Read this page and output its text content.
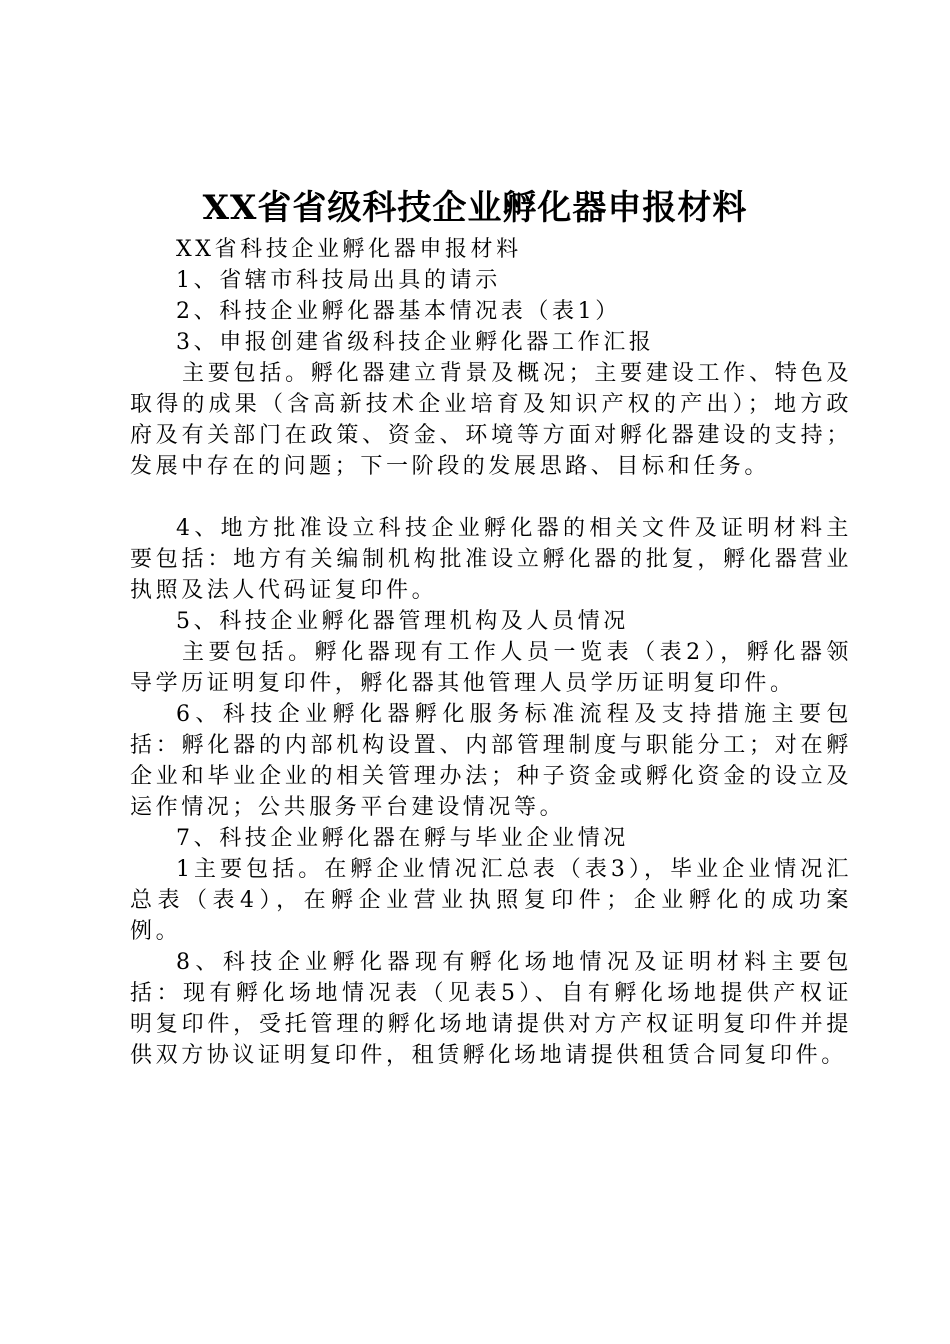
XX省省级科技企业孵化器申报材料

XX省科技企业孵化器申报材料

1、省辖市科技局出具的请示

2、科技企业孵化器基本情况表（表1）

3、申报创建省级科技企业孵化器工作汇报

主要包括。孵化器建立背景及概况；主要建设工作、特色及取得的成果（含高新技术企业培育及知识产权的产出）；地方政府及有关部门在政策、资金、环境等方面对孵化器建设的支持；发展中存在的问题；下一阶段的发展思路、目标和任务。

4、地方批准设立科技企业孵化器的相关文件及证明材料主要包括：地方有关编制机构批准设立孵化器的批复，孵化器营业执照及法人代码证复印件。

5、科技企业孵化器管理机构及人员情况

主要包括。孵化器现有工作人员一览表（表2），孵化器领导学历证明复印件，孵化器其他管理人员学历证明复印件。

6、科技企业孵化器孵化服务标准流程及支持措施主要包括：孵化器的内部机构设置、内部管理制度与职能分工；对在孵企业和毕业企业的相关管理办法；种子资金或孵化资金的设立及运作情况；公共服务平台建设情况等。

7、科技企业孵化器在孵与毕业企业情况

1主要包括。在孵企业情况汇总表（表3），毕业企业情况汇总表（表4），在孵企业营业执照复印件；企业孵化的成功案例。

8、科技企业孵化器现有孵化场地情况及证明材料主要包括：现有孵化场地情况表（见表5）、自有孵化场地提供产权证明复印件，受托管理的孵化场地请提供对方产权证明复印件并提供双方协议证明复印件，租赁孵化场地请提供租赁合同复印件。
